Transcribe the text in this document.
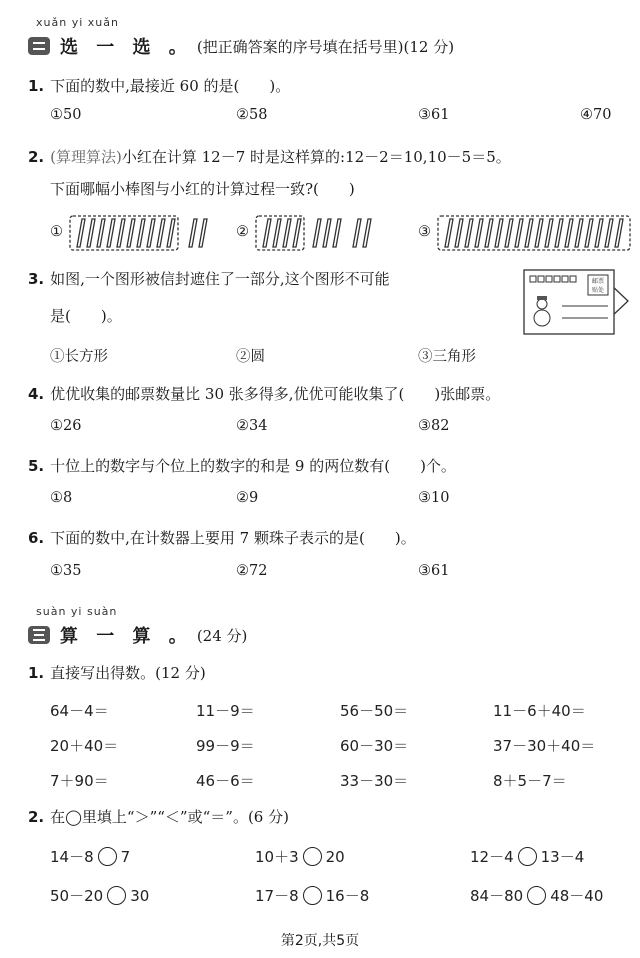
xuǎn yi xuǎn
选 一 选 。 (把正确答案的序号填在括号里)(12 分)
1. 下面的数中,最接近 60 的是(　　)。
①50	②58	③61	④70
2. (算理算法)小红在计算 12－7 时是这样算的:12－2＝10,10－5＝5。
下面哪幅小棒图与小红的计算过程一致?(　　)
①	②	③
3. 如图,一个图形被信封遮住了一部分,这个图形不可能
是(　　)。
邮票
贴处
①长方形	②圆	③三角形
4. 优优收集的邮票数量比 30 张多得多,优优可能收集了(　　)张邮票。
①26	②34	③82
5. 十位上的数字与个位上的数字的和是 9 的两位数有(　　)个。
①8	②9	③10
6. 下面的数中,在计数器上要用 7 颗珠子表示的是(　　)。
①35	②72	③61
suàn yi suàn
算 一 算 。 (24 分)
1. 直接写出得数。(12 分)
64－4＝	11－9＝	56－50＝	11－6＋40＝
20＋40＝	99－9＝	60－30＝	37－30＋40＝
7＋90＝	46－6＝	33－30＝	8＋5－7＝
2. 在◯里填上“＞”“＜”或“＝”。(6 分)
14－8 7	10＋3 20	12－4 13－4
50－20 30	17－8 16－8	84－80 48－40
第2页,共5页
